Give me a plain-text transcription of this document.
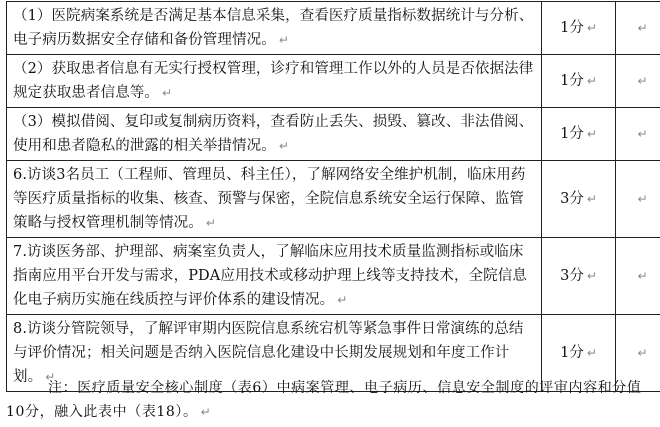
（1）医院病案系统是否满足基本信息采集，查看医疗质量指标数据统计与分析、电子病历数据安全存储和备份管理情况。 ↵	1分 ↵	↵
（2）获取患者信息有无实行授权管理，诊疗和管理工作以外的人员是否依据法律规定获取患者信息等。 ↵	1分 ↵	↵
（3）模拟借阅、复印或复制病历资料，查看防止丢失、损毁、篡改、非法借阅、使用和患者隐私的泄露的相关举措情况。 ↵	1分 ↵	↵
6.访谈3名员工（工程师、管理员、科主任），了解网络安全维护机制，临床用药等医疗质量指标的收集、核查、预警与保密，全院信息系统安全运行保障、监管策略与授权管理机制等情况。 ↵	3分 ↵	↵
7.访谈医务部、护理部、病案室负责人，了解临床应用技术质量监测指标或临床指南应用平台开发与需求，PDA应用技术或移动护理上线等支持技术，全院信息化电子病历实施在线质控与评价体系的建设情况。 ↵	3分 ↵	↵
8.访谈分管院领导，了解评审期内医院信息系统宕机等紧急事件日常演练的总结与评价情况；相关问题是否纳入医院信息化建设中长期发展规划和年度工作计划。 ↵	1分 ↵	↵
注：医疗质量安全核心制度（表6）中病案管理、电子病历、信息安全制度的评审内容和分值10分，融入此表中（表18）。 ↵
